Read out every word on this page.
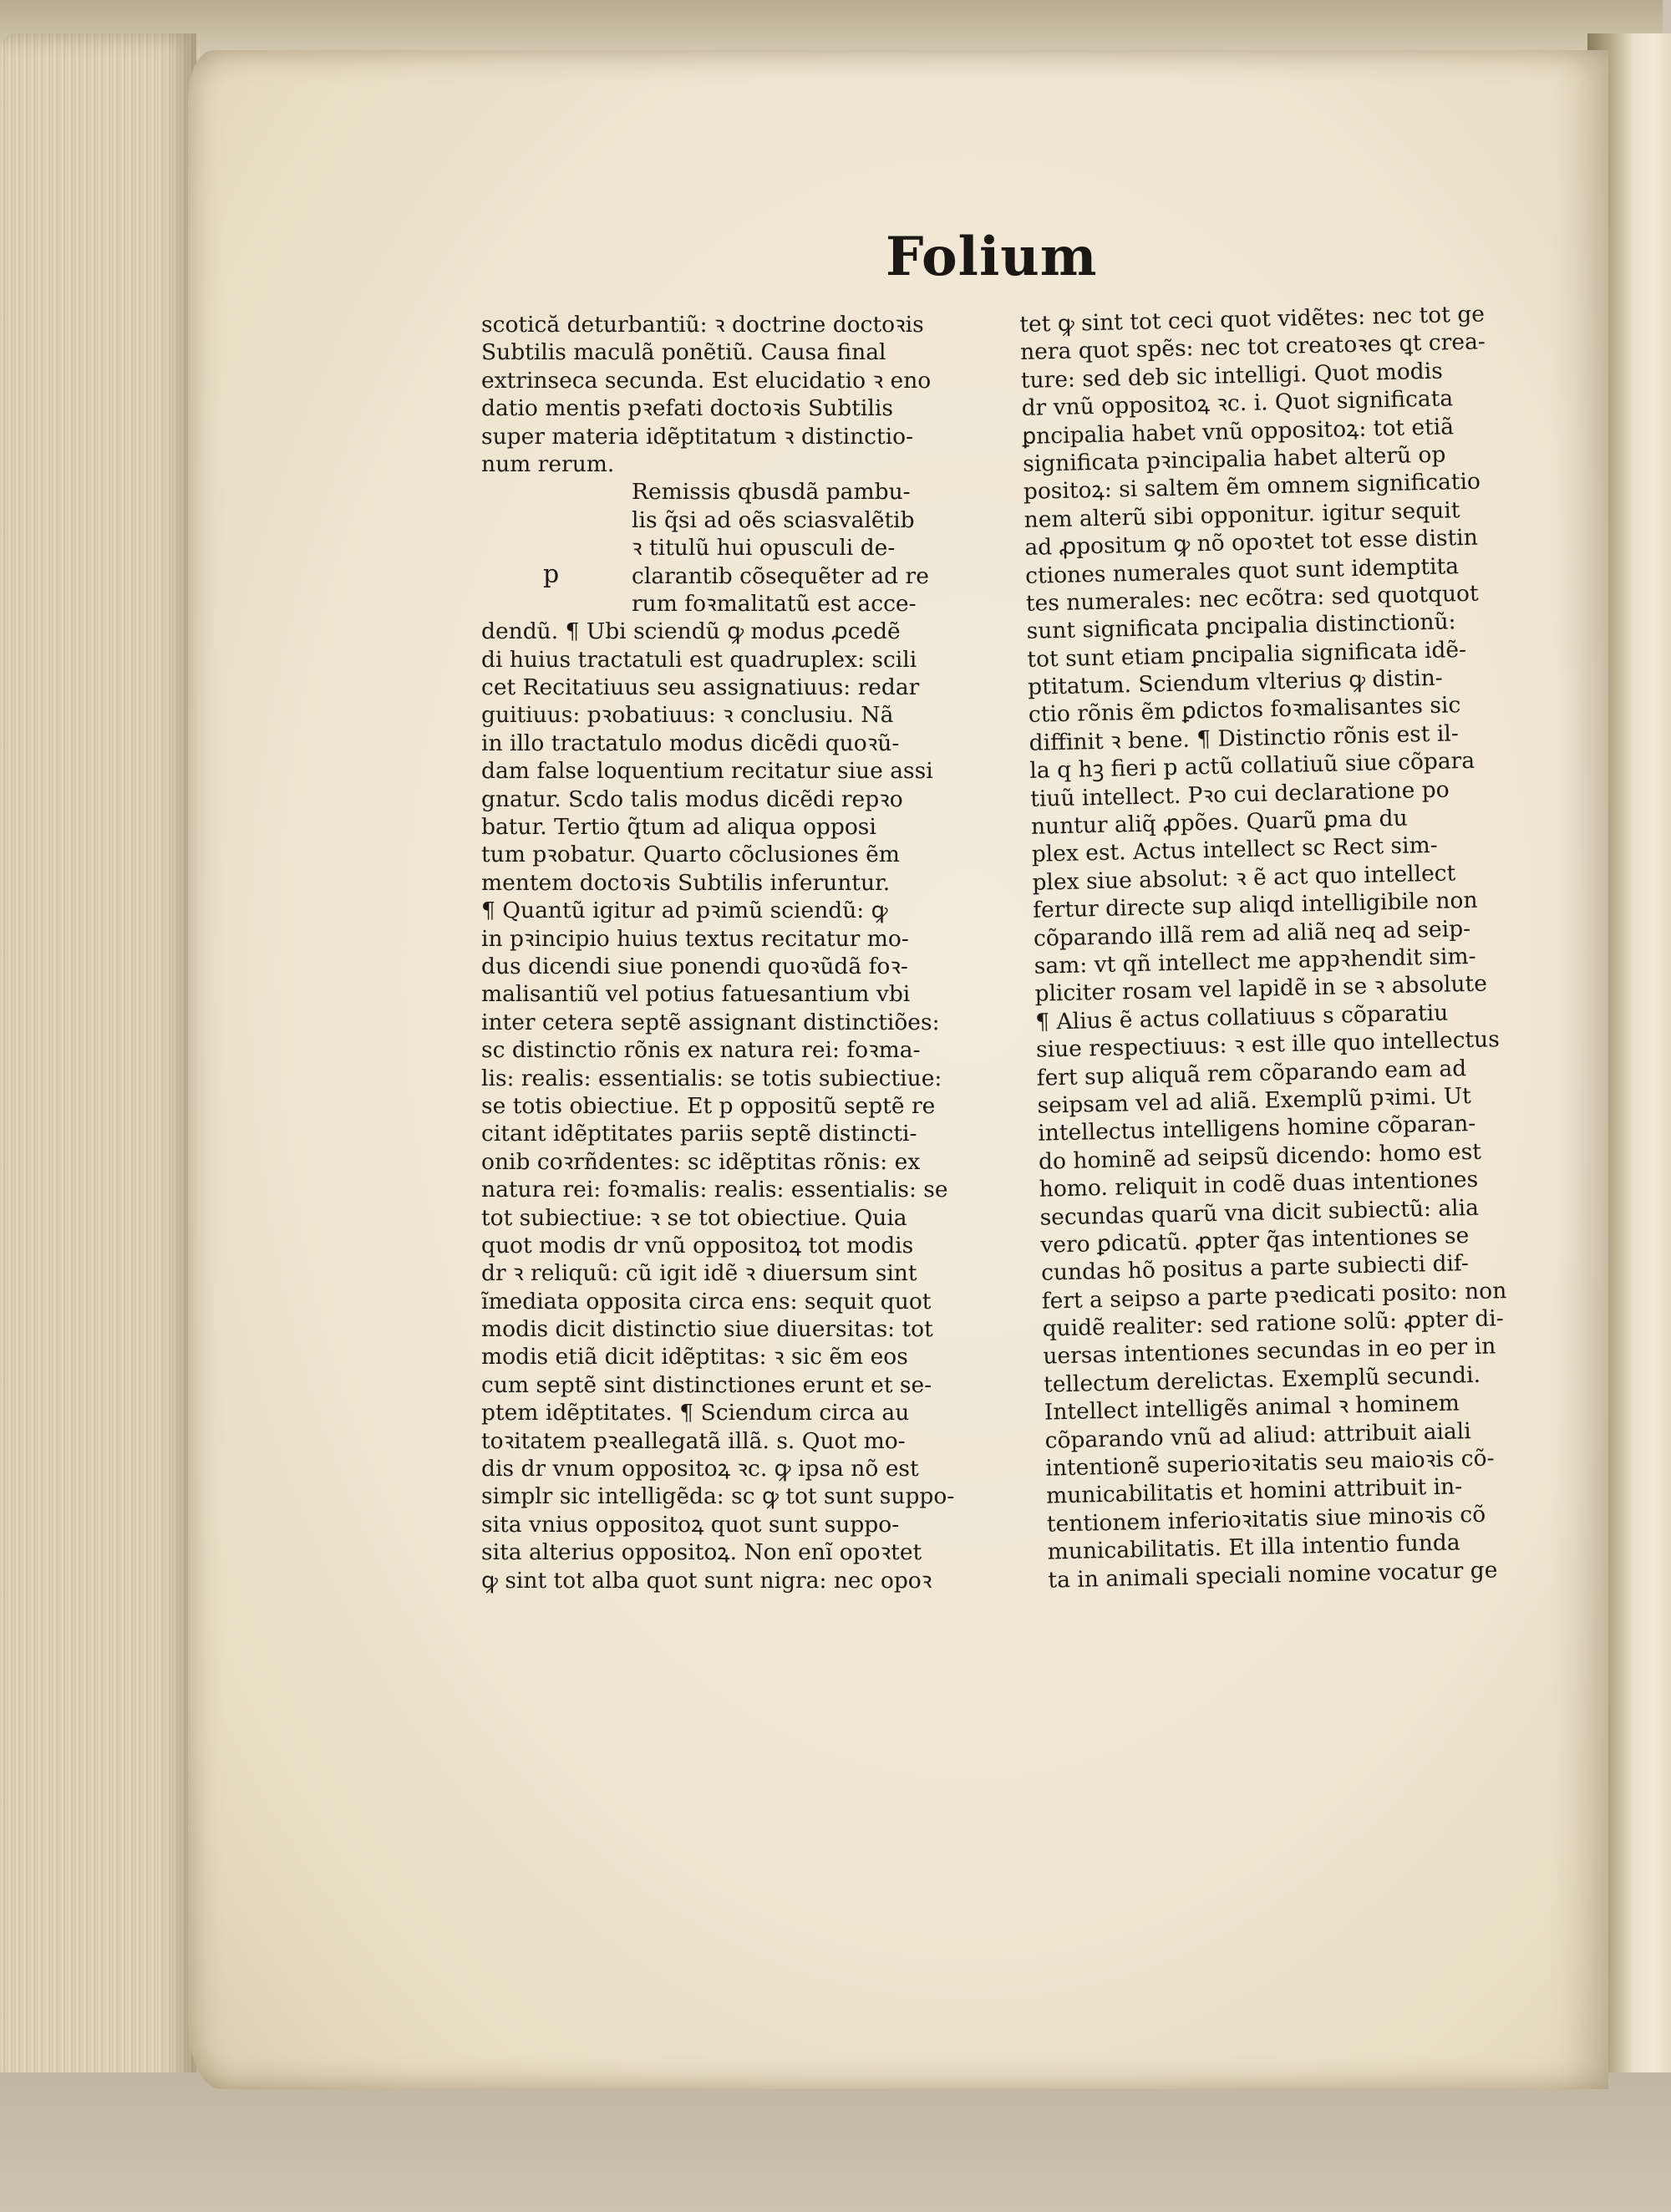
Folium
p
scotică deturbantiũ: ꝛ doctrine doctoꝛis
Subtilis maculã ponẽtiũ. Causa final
extrinseca secunda. Est elucidatio ꝛ eno
datio mentis pꝛefati doctoꝛis Subtilis
super materia idẽptitatum ꝛ distinctio-
num rerum.
Remissis qbusdã pambu-
lis q̃si ad oẽs sciasvalẽtib
ꝛ titulũ hui opusculi de-
clarantib cõsequẽter ad re
rum foꝛmalitatũ est acce-
dendũ. ¶ Ubi sciendũ ꝙ modus ꝓcedẽ
di huius tractatuli est quadruplex: scili
cet Recitatiuus seu assignatiuus: redar
guitiuus: pꝛobatiuus: ꝛ conclusiu. Nã
in illo tractatulo modus dicẽdi quoꝛũ-
dam false loquentium recitatur siue assi
gnatur. Scdo talis modus dicẽdi repꝛo
batur. Tertio q̃tum ad aliqua opposi
tum pꝛobatur. Quarto cõclusiones ẽm
mentem doctoꝛis Subtilis inferuntur.
¶ Quantũ igitur ad pꝛimũ sciendũ: ꝙ
in pꝛincipio huius textus recitatur mo-
dus dicendi siue ponendi quoꝛũdã foꝛ-
malisantiũ vel potius fatuesantium vbi
inter cetera septẽ assignant distinctiões:
sc distinctio rõnis ex natura rei: foꝛma-
lis: realis: essentialis: se totis subiectiue:
se totis obiectiue. Et p oppositũ septẽ re
citant idẽptitates pariis septẽ distincti-
onib coꝛrñdentes: sc idẽptitas rõnis: ex
natura rei: foꝛmalis: realis: essentialis: se
tot subiectiue: ꝛ se tot obiectiue. Quia
quot modis dr vnũ oppositoꝝ tot modis
dr ꝛ reliquũ: cũ igit idẽ ꝛ diuersum sint
ĩmediata opposita circa ens: sequit quot
modis dicit distinctio siue diuersitas: tot
modis etiã dicit idẽptitas: ꝛ sic ẽm eos
cum septẽ sint distinctiones erunt et se-
ptem idẽptitates. ¶ Sciendum circa au
toꝛitatem pꝛeallegatã illã. s. Quot mo-
dis dr vnum oppositoꝝ ꝛc. ꝙ ipsa nõ est
simplr sic intelligẽda: sc ꝙ tot sunt suppo-
sita vnius oppositoꝝ quot sunt suppo-
sita alterius oppositoꝝ. Non enĩ opoꝛtet
ꝙ sint tot alba quot sunt nigra: nec opoꝛ
tet ꝙ sint tot ceci quot vidẽtes: nec tot ge
nera quot spẽs: nec tot creatoꝛes ꝗt crea-
ture: sed deb sic intelligi. Quot modis
dr vnũ oppositoꝝ ꝛc. i. Quot significata
ꝑncipalia habet vnũ oppositoꝝ: tot etiã
significata pꝛincipalia habet alterũ op
positoꝝ: si saltem ẽm omnem significatio
nem alterũ sibi opponitur. igitur sequit
ad ꝓpositum ꝙ nõ opoꝛtet tot esse distin
ctiones numerales quot sunt idemptita
tes numerales: nec ecõtra: sed quotquot
sunt significata ꝑncipalia distinctionũ:
tot sunt etiam ꝑncipalia significata idẽ-
ptitatum. Sciendum vlterius ꝙ distin-
ctio rõnis ẽm ꝑdictos foꝛmalisantes sic
diffinit ꝛ bene. ¶ Distinctio rõnis est il-
la q hꝫ fieri p actũ collatiuũ siue cõpara
tiuũ intellect. Pꝛo cui declaratione po
nuntur aliq̃ ꝓpões. Quarũ ꝑma du
plex est. Actus intellect sc Rect sim-
plex siue absolut: ꝛ ẽ act quo intellect
fertur directe sup aliqd intelligibile non
cõparando illã rem ad aliã neq ad seip-
sam: vt qñ intellect me appꝛhendit sim-
pliciter rosam vel lapidẽ in se ꝛ absolute
¶ Alius ẽ actus collatiuus s cõparatiu
siue respectiuus: ꝛ est ille quo intellectus
fert sup aliquã rem cõparando eam ad
seipsam vel ad aliã. Exemplũ pꝛimi. Ut
intellectus intelligens homine cõparan-
do hominẽ ad seipsũ dicendo: homo est
homo. reliquit in codẽ duas intentiones
secundas quarũ vna dicit subiectũ: alia
vero ꝑdicatũ. ꝓpter q̃as intentiones se
cundas hõ positus a parte subiecti dif-
fert a seipso a parte pꝛedicati posito: non
quidẽ realiter: sed ratione solũ: ꝓpter di-
uersas intentiones secundas in eo per in
tellectum derelictas. Exemplũ secundi.
Intellect intelligẽs animal ꝛ hominem
cõparando vnũ ad aliud: attribuit aiali
intentionẽ superioꝛitatis seu maioꝛis cõ-
municabilitatis et homini attribuit in-
tentionem inferioꝛitatis siue minoꝛis cõ
municabilitatis. Et illa intentio funda
ta in animali speciali nomine vocatur ge
